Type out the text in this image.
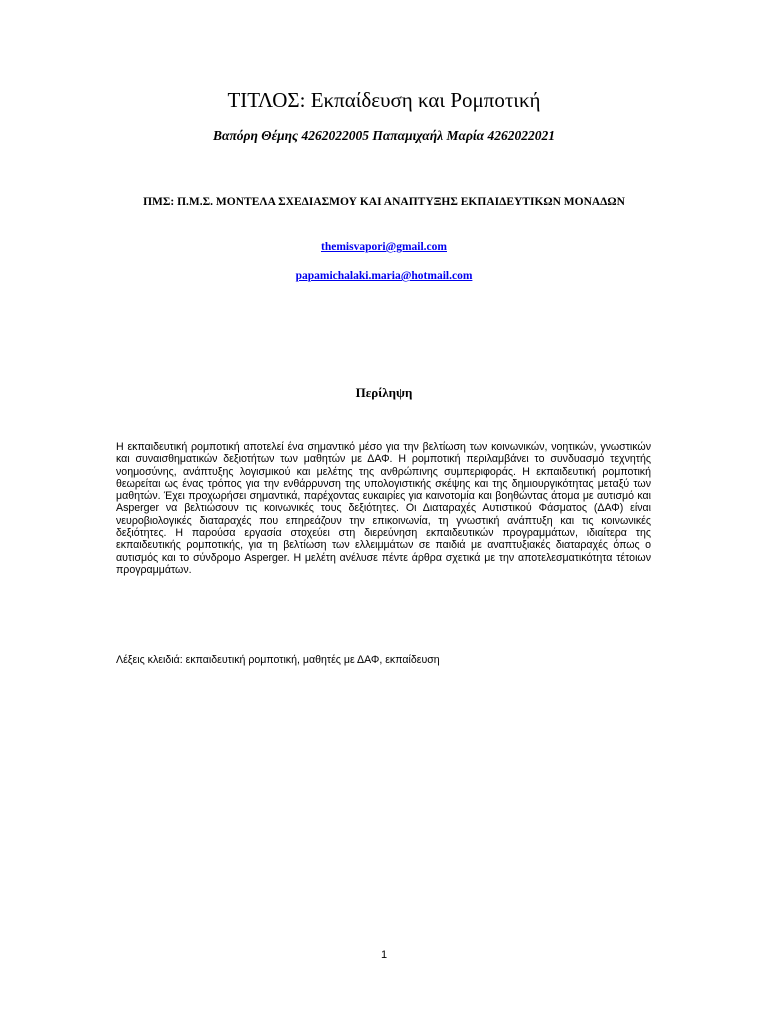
ΤΙΤΛΟΣ: Εκπαίδευση και Ρομποτική
Βαπόρη Θέμης 4262022005 Παπαμιχαήλ Μαρία 4262022021
ΠΜΣ: Π.Μ.Σ. ΜΟΝΤΕΛΑ ΣΧΕΔΙΑΣΜΟΥ ΚΑΙ ΑΝΑΠΤΥΞΗΣ ΕΚΠΑΙΔΕΥΤΙΚΩΝ ΜΟΝΑΔΩΝ
themisvapori@gmail.com
papamichalaki.maria@hotmail.com
Περίληψη

Η εκπαιδευτική ρομποτική αποτελεί ένα σημαντικό μέσο για την βελτίωση των κοινωνικών, νοητικών, γνωστικών και συναισθηματικών δεξιοτήτων των μαθητών με ΔΑΦ. Η ρομποτική περιλαμβάνει το συνδυασμό τεχνητής νοημοσύνης, ανάπτυξης λογισμικού και μελέτης της ανθρώπινης συμπεριφοράς. Η εκπαιδευτική ρομποτική θεωρείται ως ένας τρόπος για την ενθάρρυνση της υπολογιστικής σκέψης και της δημιουργικότητας μεταξύ των μαθητών. Έχει προχωρήσει σημαντικά, παρέχοντας ευκαιρίες για καινοτομία και βοηθώντας άτομα με αυτισμό και Asperger να βελτιώσουν τις κοινωνικές τους δεξιότητες. Οι Διαταραχές Αυτιστικού Φάσματος (ΔΑΦ) είναι νευροβιολογικές διαταραχές που επηρεάζουν την επικοινωνία, τη γνωστική ανάπτυξη και τις κοινωνικές δεξιότητες. Η παρούσα εργασία στοχεύει στη διερεύνηση εκπαιδευτικών προγραμμάτων, ιδιαίτερα της εκπαιδευτικής ρομποτικής, για τη βελτίωση των ελλειμμάτων σε παιδιά με αναπτυξιακές διαταραχές όπως ο αυτισμός και το σύνδρομο Asperger. Η μελέτη ανέλυσε πέντε άρθρα σχετικά με την αποτελεσματικότητα τέτοιων προγραμμάτων.

Λέξεις κλειδιά: εκπαιδευτική ρομποτική, μαθητές με ΔΑΦ, εκπαίδευση

1
